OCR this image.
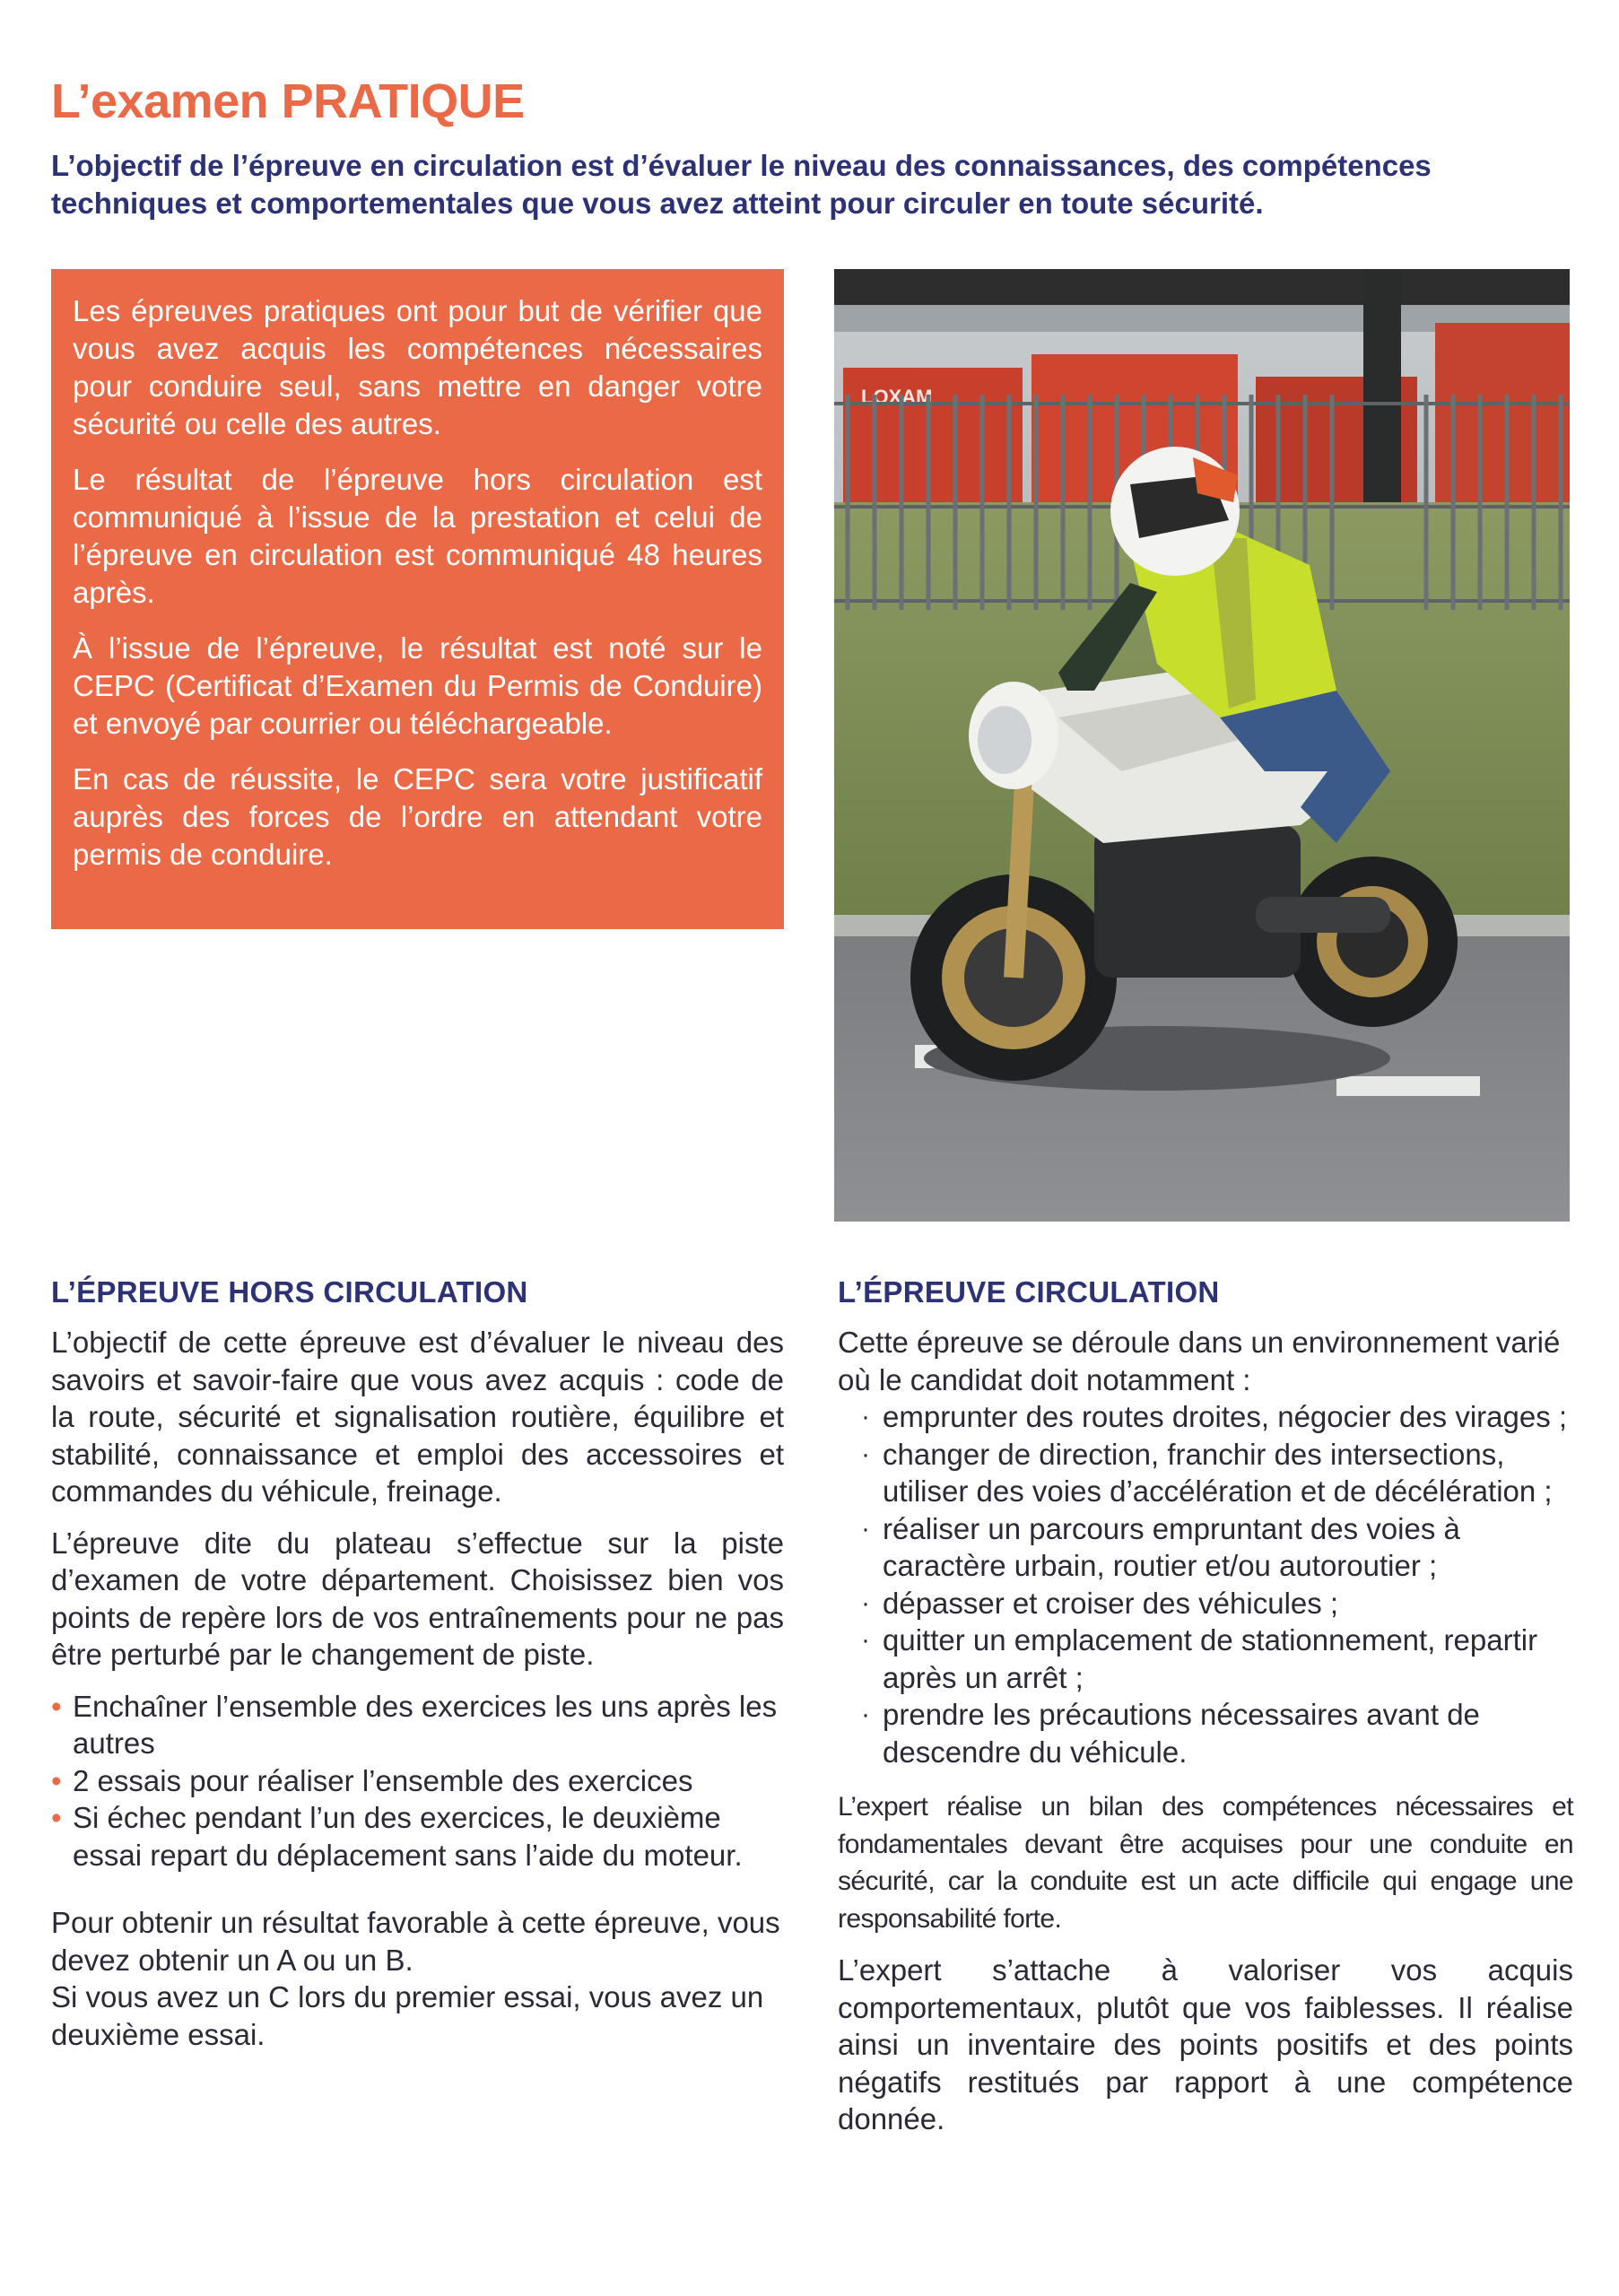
L’examen PRATIQUE

L’objectif de l’épreuve en circulation est d’évaluer le niveau des connaissances, des compétences techniques et comportementales que vous avez atteint pour circuler en toute sécurité.

Les épreuves pratiques ont pour but de vérifier que vous avez acquis les compétences nécessaires pour conduire seul, sans mettre en danger votre sécurité ou celle des autres.

Le résultat de l’épreuve hors circulation est communiqué à l’issue de la prestation et celui de l’épreuve en circulation est communiqué 48 heures après.

À l’issue de l’épreuve, le résultat est noté sur le CEPC (Certificat d’Examen du Permis de Conduire) et envoyé par courrier ou téléchargeable.

En cas de réussite, le CEPC sera votre justificatif auprès des forces de l’ordre en attendant votre permis de conduire.

LOXAM
L’ÉPREUVE HORS CIRCULATION

L’objectif de cette épreuve est d’évaluer le niveau des savoirs et savoir-faire que vous avez acquis : code de la route, sécurité et signalisation routière, équilibre et stabilité, connaissance et emploi des accessoires et commandes du véhicule, freinage.

L’épreuve dite du plateau s’effectue sur la piste d’examen de votre département. Choisissez bien vos points de repère lors de vos entraînements pour ne pas être perturbé par le changement de piste.

• Enchaîner l’ensemble des exercices les uns après les autres
• 2 essais pour réaliser l’ensemble des exercices
• Si échec pendant l’un des exercices, le deuxième essai repart du déplacement sans l’aide du moteur.

Pour obtenir un résultat favorable à cette épreuve, vous devez obtenir un A ou un B.

Si vous avez un C lors du premier essai, vous avez un deuxième essai.

L’ÉPREUVE CIRCULATION

Cette épreuve se déroule dans un environnement varié où le candidat doit notamment :

· emprunter des routes droites, négocier des virages ;
· changer de direction, franchir des intersections, utiliser des voies d’accélération et de décélération ;
· réaliser un parcours empruntant des voies à caractère urbain, routier et/ou autoroutier ;
· dépasser et croiser des véhicules ;
· quitter un emplacement de stationnement, repartir après un arrêt ;
· prendre les précautions nécessaires avant de descendre du véhicule.

L’expert réalise un bilan des compétences nécessaires et fondamentales devant être acquises pour une conduite en sécurité, car la conduite est un acte difficile qui engage une responsabilité forte.

L’expert s’attache à valoriser vos acquis comportementaux, plutôt que vos faiblesses. Il réalise ainsi un inventaire des points positifs et des points négatifs restitués par rapport à une compétence donnée.
